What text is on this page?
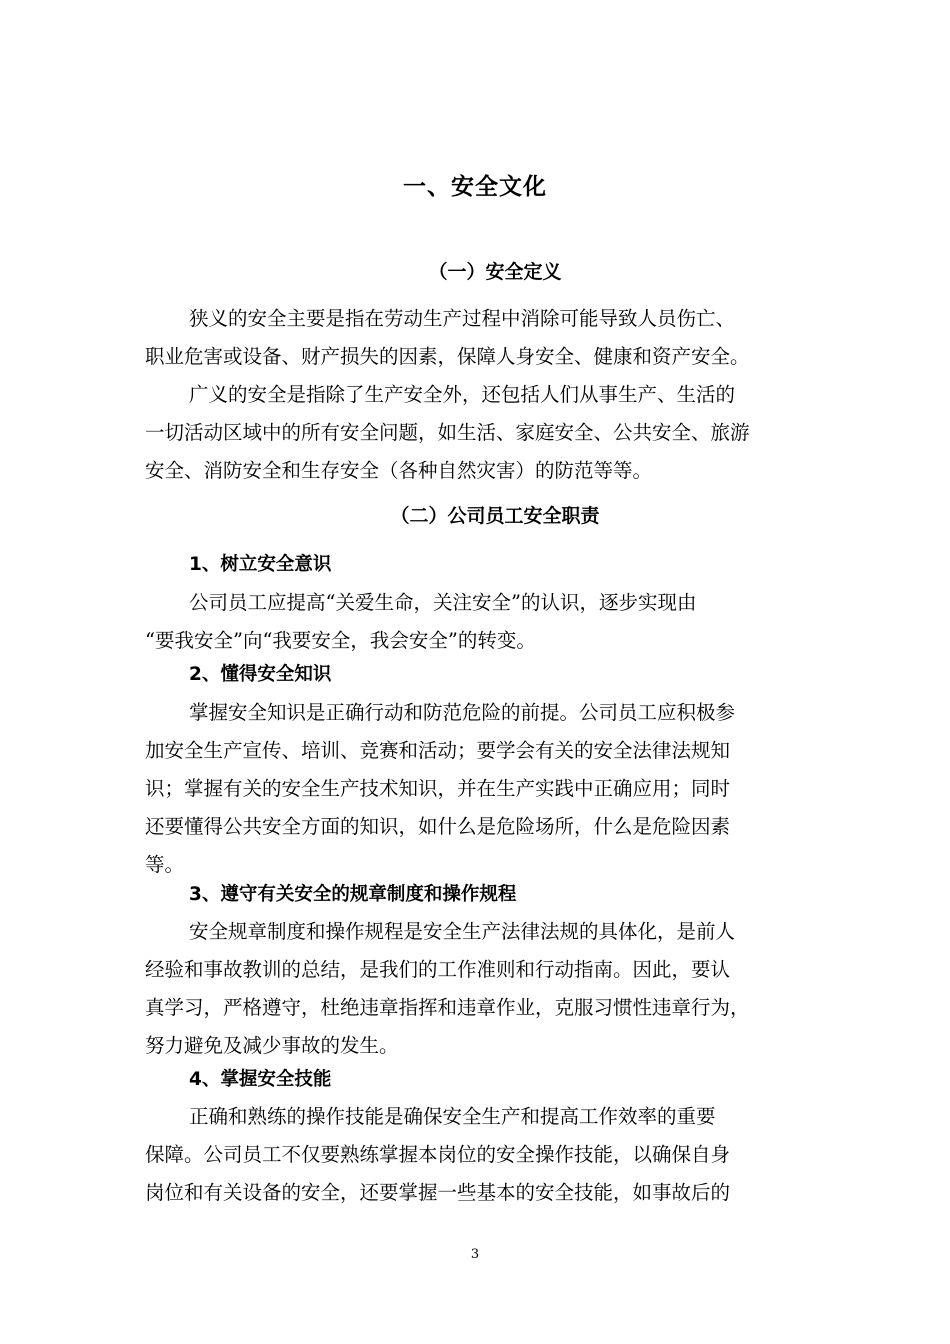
一、安全文化
（一）安全定义
狭义的安全主要是指在劳动生产过程中消除可能导致人员伤亡、
职业危害或设备、财产损失的因素，保障人身安全、健康和资产安全。
广义的安全是指除了生产安全外，还包括人们从事生产、生活的
一切活动区域中的所有安全问题，如生活、家庭安全、公共安全、旅游
安全、消防安全和生存安全（各种自然灾害）的防范等等。
（二）公司员工安全职责
1、树立安全意识
公司员工应提高“关爱生命，关注安全”的认识，逐步实现由
“要我安全”向“我要安全，我会安全”的转变。
2、懂得安全知识
掌握安全知识是正确行动和防范危险的前提。公司员工应积极参
加安全生产宣传、培训、竞赛和活动；要学会有关的安全法律法规知
识；掌握有关的安全生产技术知识，并在生产实践中正确应用；同时
还要懂得公共安全方面的知识，如什么是危险场所，什么是危险因素
等。
3、遵守有关安全的规章制度和操作规程
安全规章制度和操作规程是安全生产法律法规的具体化，是前人
经验和事故教训的总结，是我们的工作准则和行动指南。因此，要认
真学习，严格遵守，杜绝违章指挥和违章作业，克服习惯性违章行为，
努力避免及减少事故的发生。
4、掌握安全技能
正确和熟练的操作技能是确保安全生产和提高工作效率的重要
保障。公司员工不仅要熟练掌握本岗位的安全操作技能，以确保自身
岗位和有关设备的安全，还要掌握一些基本的安全技能，如事故后的
3
